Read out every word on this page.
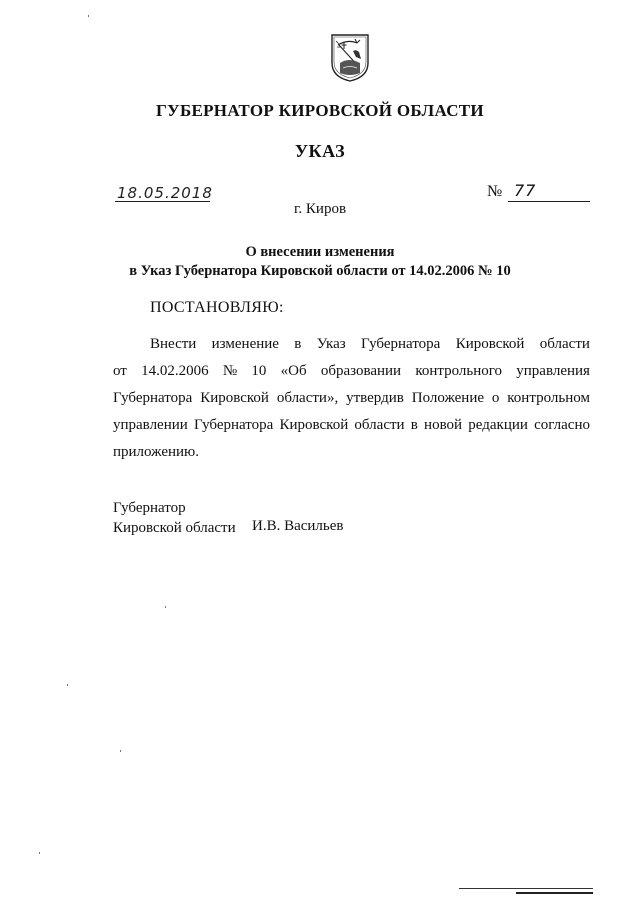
ГУБЕРНАТОР КИРОВСКОЙ ОБЛАСТИ
УКАЗ
18.05.2018	№ 77
г. Киров
О внесении изменения
в Указ Губернатора Кировской области от 14.02.2006 № 10
ПОСТАНОВЛЯЮ:
Внести изменение в Указ Губернатора Кировской области
от 14.02.2006 № 10 «Об образовании контрольного управления
Губернатора Кировской области», утвердив Положение о контрольном
управлении Губернатора Кировской области в новой редакции согласно
приложению.
Губернатор
Кировской области И.В. Васильев
